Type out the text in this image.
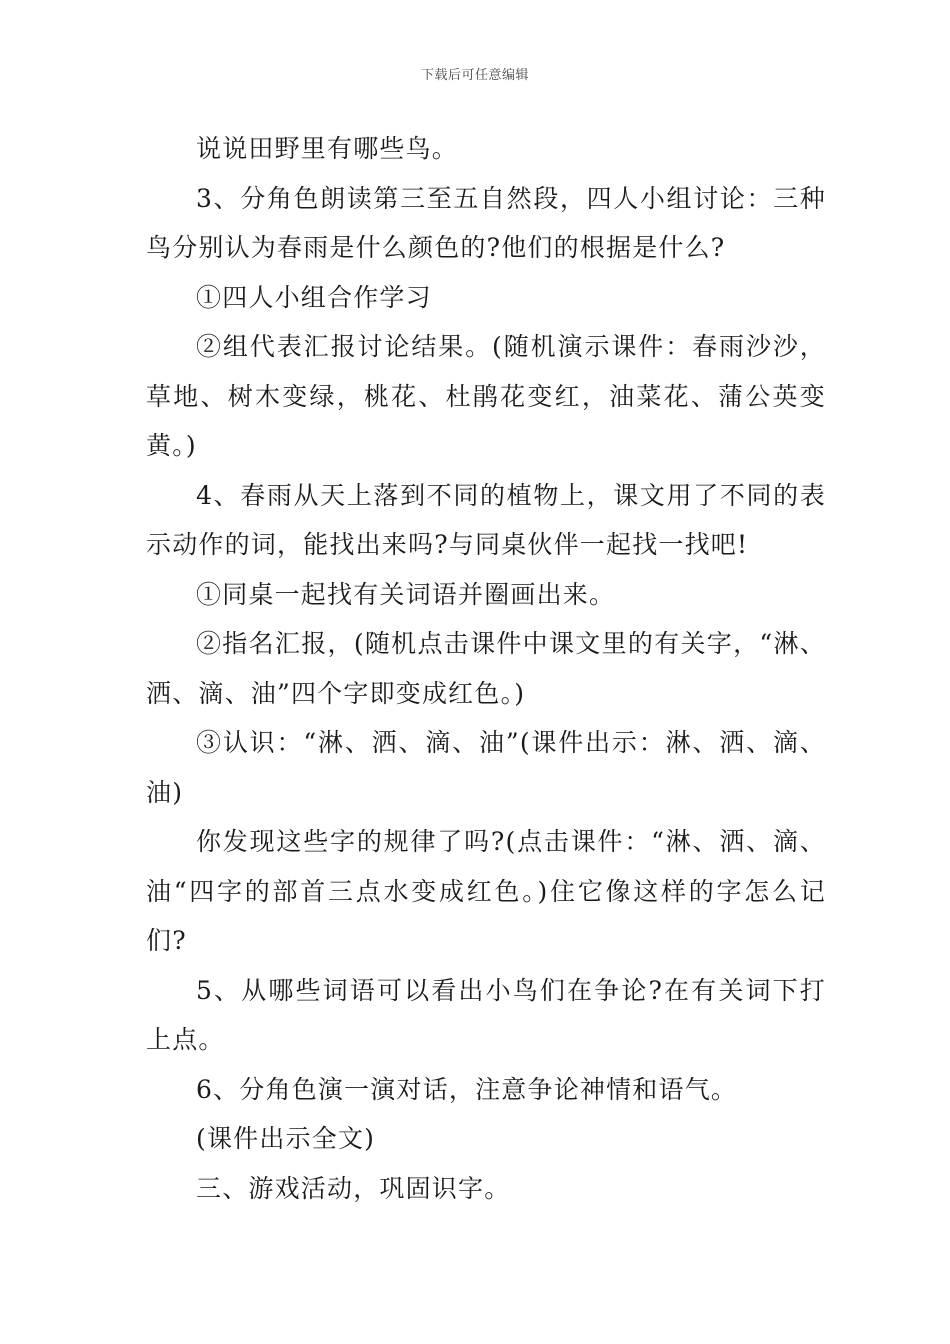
下载后可任意编辑

说说田野里有哪些鸟。

3、分角色朗读第三至五自然段，四人小组讨论：三种鸟分别认为春雨是什么颜色的?他们的根据是什么?

①四人小组合作学习

②组代表汇报讨论结果。(随机演示课件：春雨沙沙，草地、树木变绿，桃花、杜鹃花变红，油菜花、蒲公英变黄。)

4、春雨从天上落到不同的植物上，课文用了不同的表示动作的词，能找出来吗?与同桌伙伴一起找一找吧!

①同桌一起找有关词语并圈画出来。

②指名汇报，(随机点击课件中课文里的有关字，“淋、洒、滴、油”四个字即变成红色。)

③认识：“淋、洒、滴、油”(课件出示：淋、洒、滴、油)

你发现这些字的规律了吗?(点击课件：“淋、洒、滴、油“四字的部首三点水变成红色。)住它像这样的字怎么记们?

5、从哪些词语可以看出小鸟们在争论?在有关词下打上点。

6、分角色演一演对话，注意争论神情和语气。

(课件出示全文)

三、游戏活动，巩固识字。
